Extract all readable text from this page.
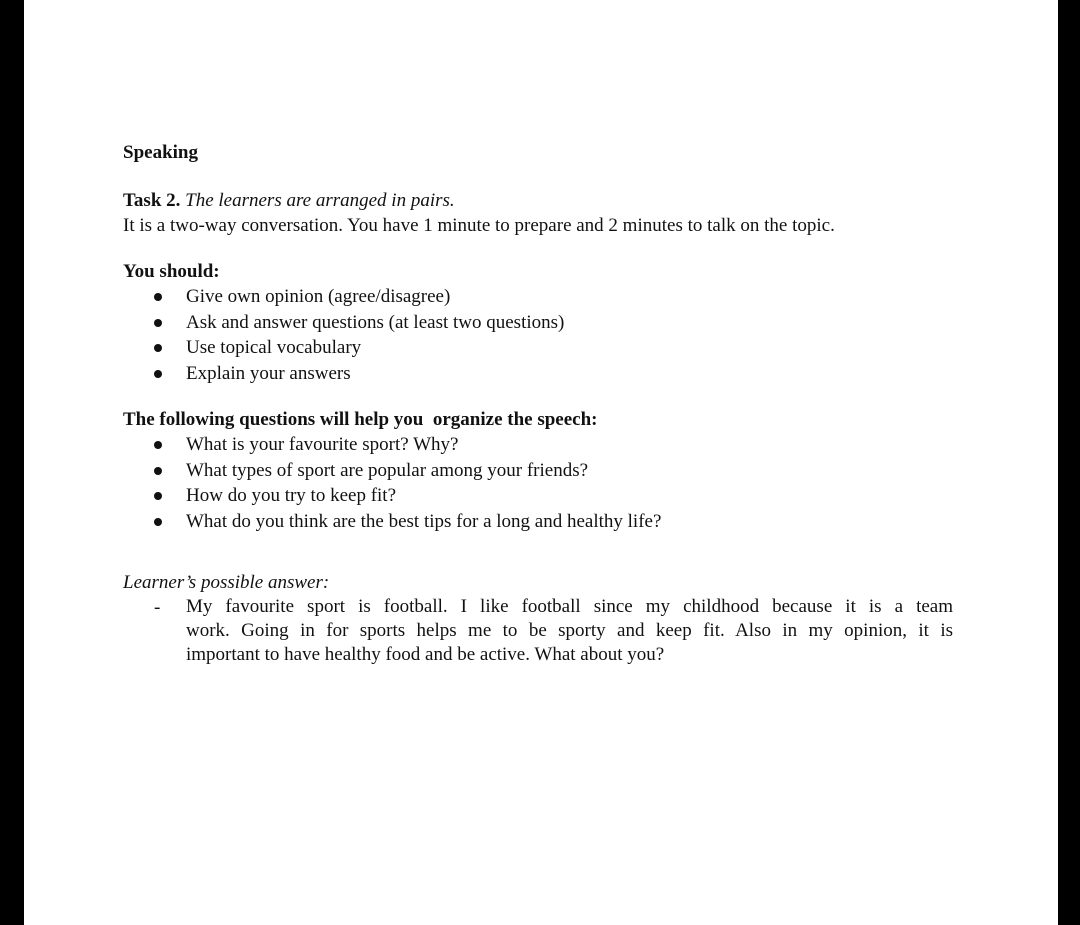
Speaking
Task 2. The learners are arranged in pairs.
It is a two-way conversation. You have 1 minute to prepare and 2 minutes to talk on the topic.
You should:
Give own opinion (agree/disagree)
Ask and answer questions (at least two questions)
Use topical vocabulary
Explain your answers
The following questions will help you  organize the speech:
What is your favourite sport? Why?
What types of sport are popular among your friends?
How do you try to keep fit?
What do you think are the best tips for a long and healthy life?
Learner’s possible answer:
- My favourite sport is football. I like football since my childhood because it is a team
work. Going in for sports helps me to be sporty and keep fit. Also in my opinion, it is
important to have healthy food and be active. What about you?
